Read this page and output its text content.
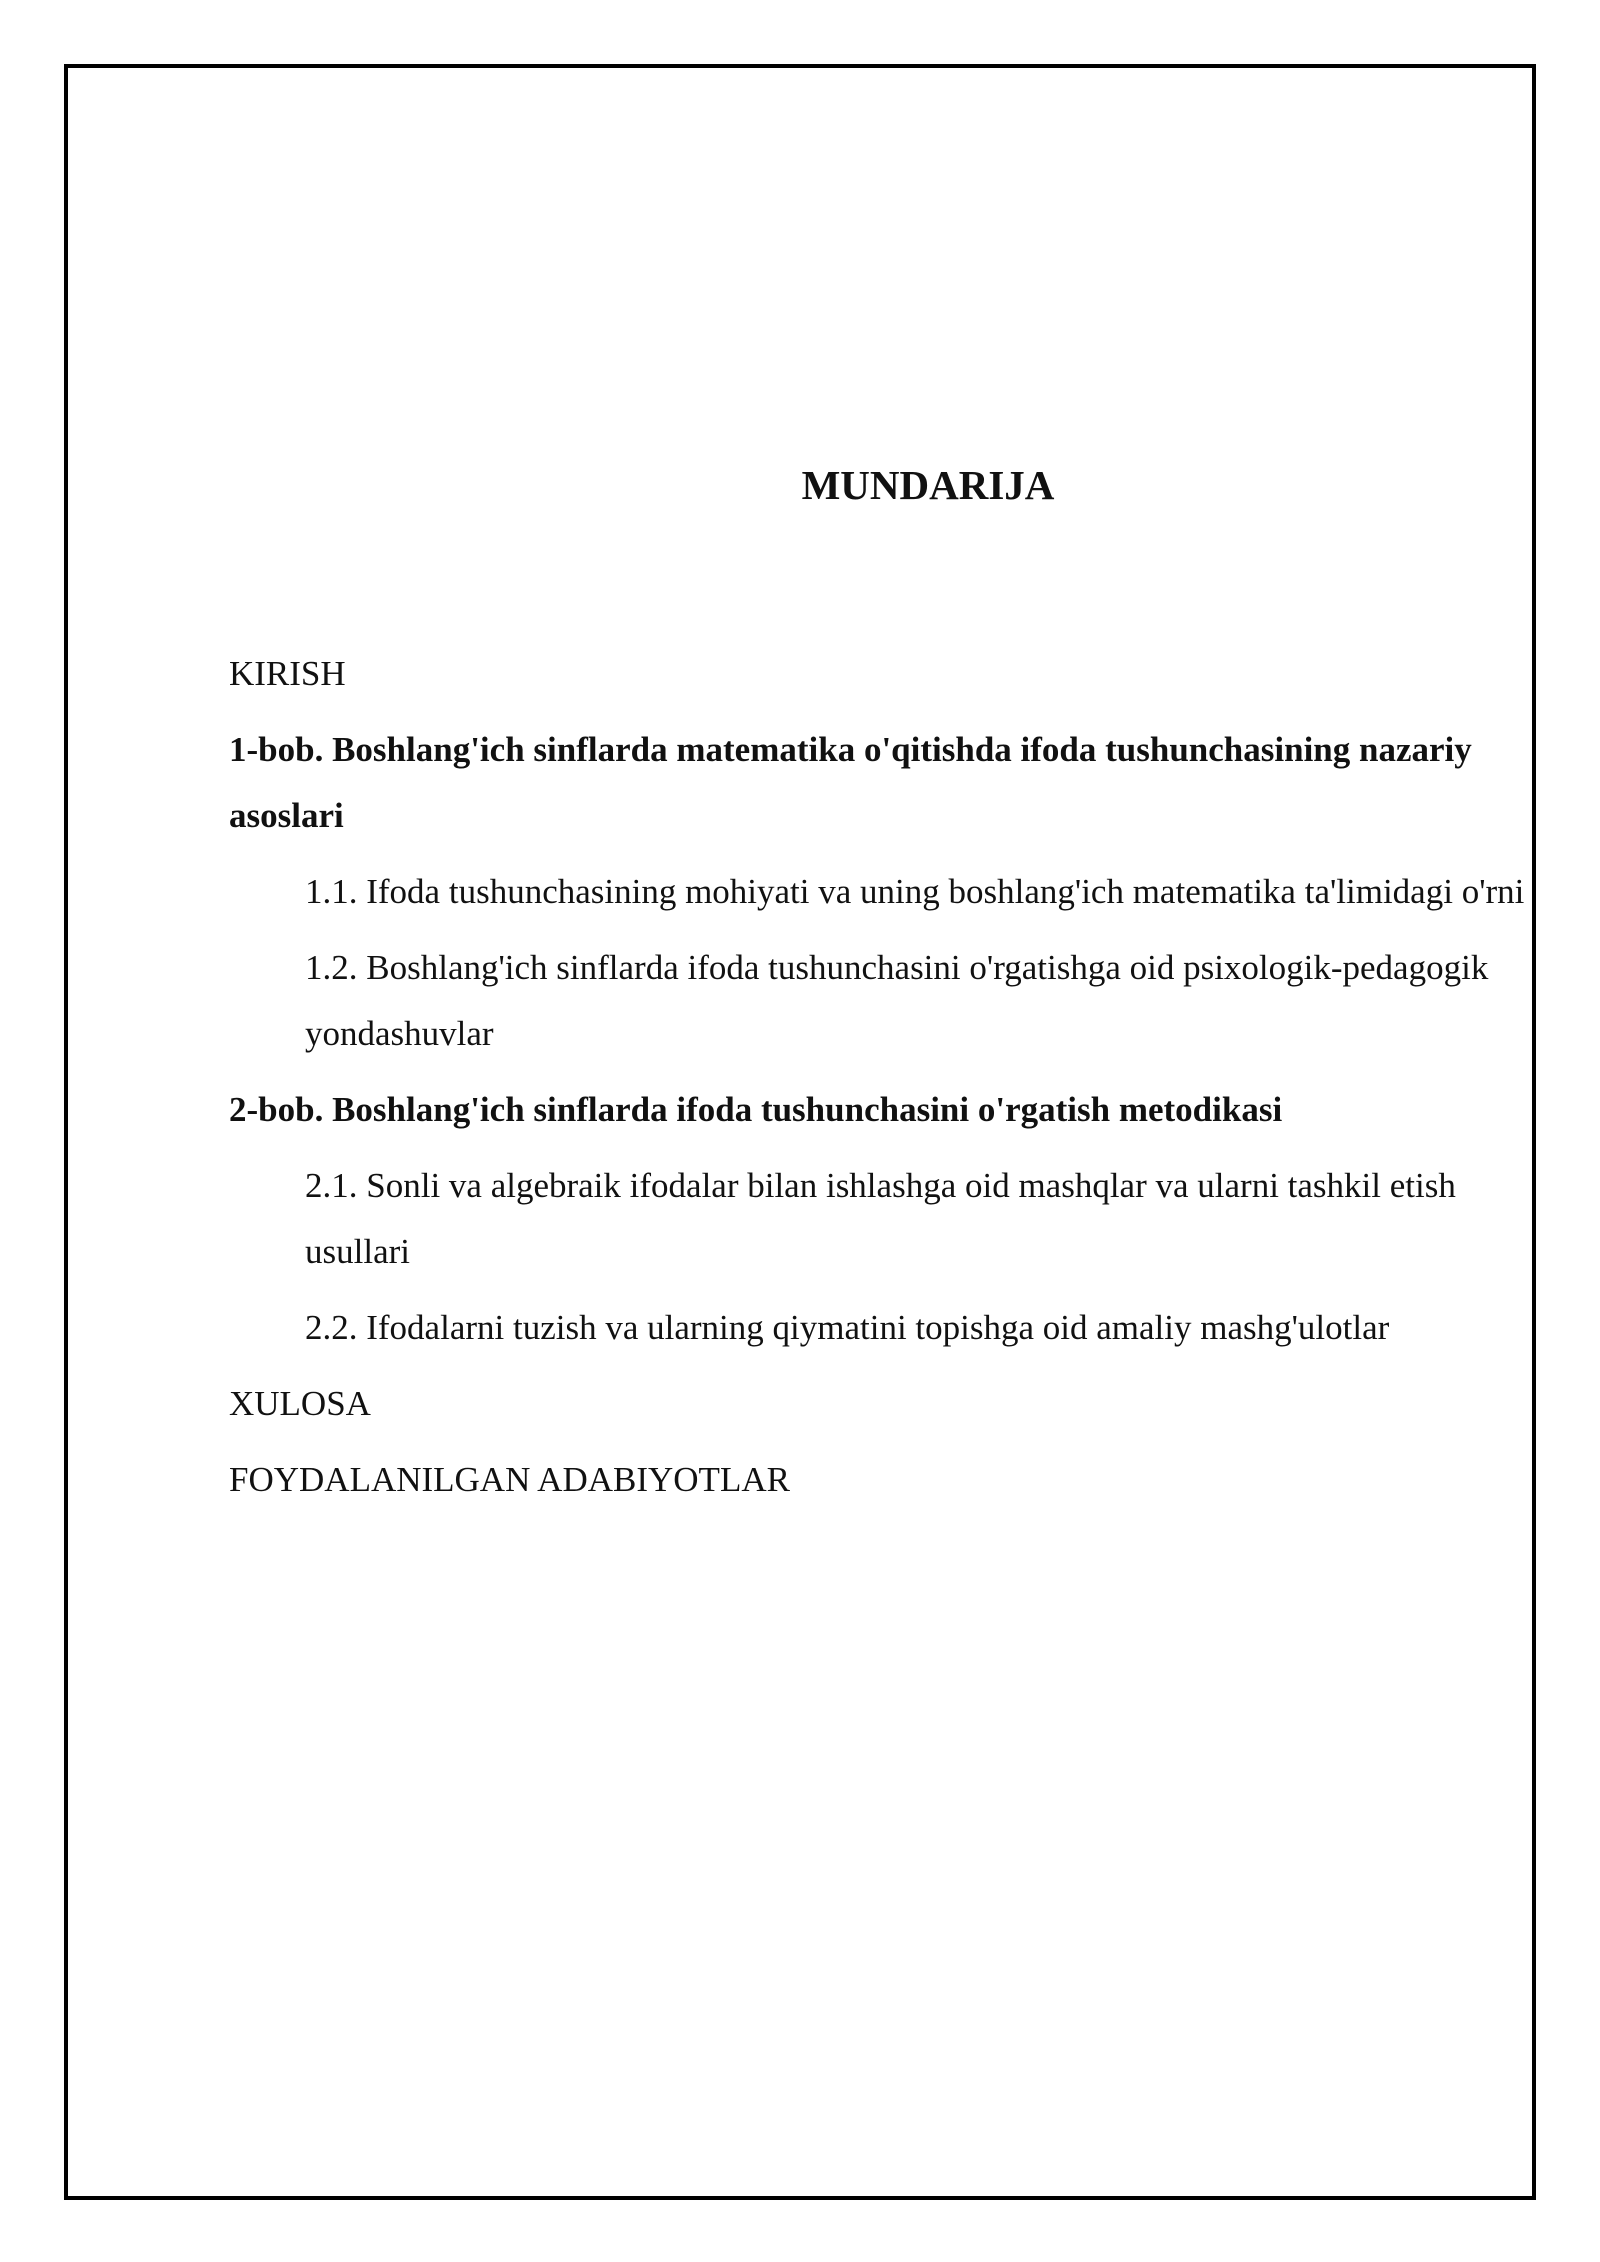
MUNDARIJA
KIRISH
1-bob. Boshlang'ich sinflarda matematika o'qitishda ifoda tushunchasining nazariy asoslari
1.1. Ifoda tushunchasining mohiyati va uning boshlang'ich matematika ta'limidagi o'rni
1.2. Boshlang'ich sinflarda ifoda tushunchasini o'rgatishga oid psixologik-pedagogik yondashuvlar
2-bob. Boshlang'ich sinflarda ifoda tushunchasini o'rgatish metodikasi
2.1. Sonli va algebraik ifodalar bilan ishlashga oid mashqlar va ularni tashkil etish usullari
2.2. Ifodalarni tuzish va ularning qiymatini topishga oid amaliy mashg'ulotlar
XULOSA
FOYDALANILGAN ADABIYOTLAR
